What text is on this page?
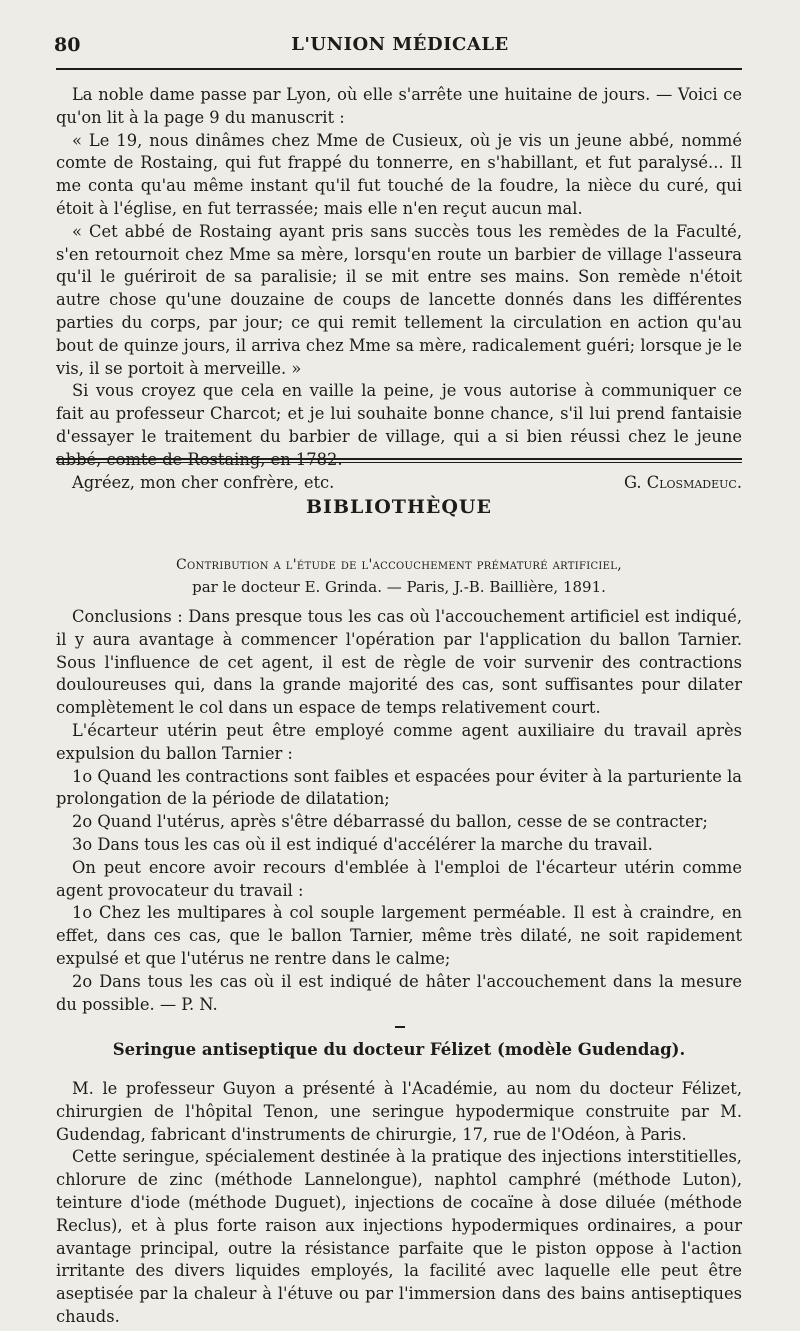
80	L'UNION MÉDICALE

La noble dame passe par Lyon, où elle s'arrête une huitaine de jours. — Voici ce qu'on lit à la page 9 du manuscrit :

« Le 19, nous dinâmes chez Mme de Cusieux, où je vis un jeune abbé, nommé comte de Rostaing, qui fut frappé du tonnerre, en s'habillant, et fut paralysé... Il me conta qu'au même instant qu'il fut touché de la foudre, la nièce du curé, qui étoit à l'église, en fut terrassée; mais elle n'en reçut aucun mal.

« Cet abbé de Rostaing ayant pris sans succès tous les remèdes de la Faculté, s'en retournoit chez Mme sa mère, lorsqu'en route un barbier de village l'asseura qu'il le guériroit de sa paralisie; il se mit entre ses mains. Son remède n'étoit autre chose qu'une douzaine de coups de lancette donnés dans les différentes parties du corps, par jour; ce qui remit tellement la circulation en action qu'au bout de quinze jours, il arriva chez Mme sa mère, radicalement guéri; lorsque je le vis, il se portoit à merveille. »

Si vous croyez que cela en vaille la peine, je vous autorise à communiquer ce fait au professeur Charcot; et je lui souhaite bonne chance, s'il lui prend fantaisie d'essayer le traitement du barbier de village, qui a si bien réussi chez le jeune

Agréez, mon cher confrère, etc.	G. Closmadeuc.
BIBLIOTHÈQUE
Contribution a l'étude de l'accouchement prématuré artificiel,
par le docteur E. Grinda. — Paris, J.-B. Baillière, 1891.

Conclusions : Dans presque tous les cas où l'accouchement artificiel est indiqué, il y aura avantage à commencer l'opération par l'application du ballon Tarnier. Sous l'influence de cet agent, il est de règle de voir survenir des contractions douloureuses qui, dans la grande majorité des cas, sont suffisantes pour dilater complètement le col dans un espace de temps relativement court.

L'écarteur utérin peut être employé comme agent auxiliaire du travail après expulsion du ballon Tarnier :

1o Quand les contractions sont faibles et espacées pour éviter à la parturiente la prolongation de la période de dilatation;

2o Quand l'utérus, après s'être débarrassé du ballon, cesse de se contracter;

3o Dans tous les cas où il est indiqué d'accélérer la marche du travail.

On peut encore avoir recours d'emblée à l'emploi de l'écarteur utérin comme agent provocateur du travail :

1o Chez les multipares à col souple largement perméable. Il est à craindre, en effet, dans ces cas, que le ballon Tarnier, même très dilaté, ne soit rapidement expulsé et que l'utérus ne rentre dans le calme;

2o Dans tous les cas où il est indiqué de hâter l'accouchement dans la mesure du possible. — P. N.

Seringue antiseptique du docteur Félizet (modèle Gudendag).

M. le professeur Guyon a présenté à l'Académie, au nom du docteur Félizet, chirurgien de l'hôpital Tenon, une seringue hypodermique construite par M. Gudendag, fabricant d'instruments de chirurgie, 17, rue de l'Odéon, à Paris.

Cette seringue, spécialement destinée à la pratique des injections interstitielles, chlorure de zinc (méthode Lannelongue), naphtol camphré (méthode Luton), teinture d'iode (méthode Duguet), injections de cocaïne à dose diluée (méthode Reclus), et à plus forte raison aux injections hypodermiques ordinaires, a pour avantage principal, outre la résistance parfaite que le piston oppose à l'action irritante des divers liquides employés, la facilité avec laquelle elle peut être aseptisée par la chaleur à l'étuve ou par l'immersion dans des bains antiseptiques chauds.
